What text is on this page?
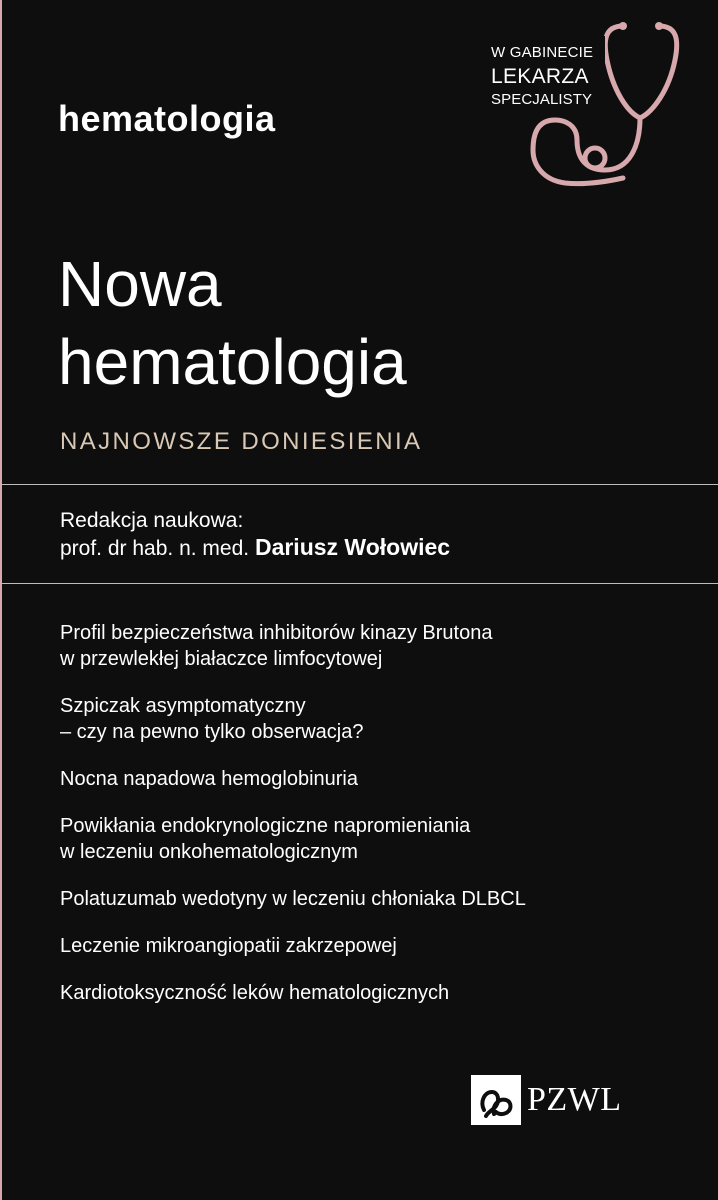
hematologia
W GABINECIE
LEKARZA
SPECJALISTY
Nowa
hematologia
NAJNOWSZE DONIESIENIA
Redakcja naukowa:
prof. dr hab. n. med. Dariusz Wołowiec
Profil bezpieczeństwa inhibitorów kinazy Brutona
w przewlekłej białaczce limfocytowej
Szpiczak asymptomatyczny
– czy na pewno tylko obserwacja?
Nocna napadowa hemoglobinuria
Powikłania endokrynologiczne napromieniania
w leczeniu onkohematologicznym
Polatuzumab wedotyny w leczeniu chłoniaka DLBCL
Leczenie mikroangiopatii zakrzepowej
Kardiotoksyczność leków hematologicznych
PZWL
